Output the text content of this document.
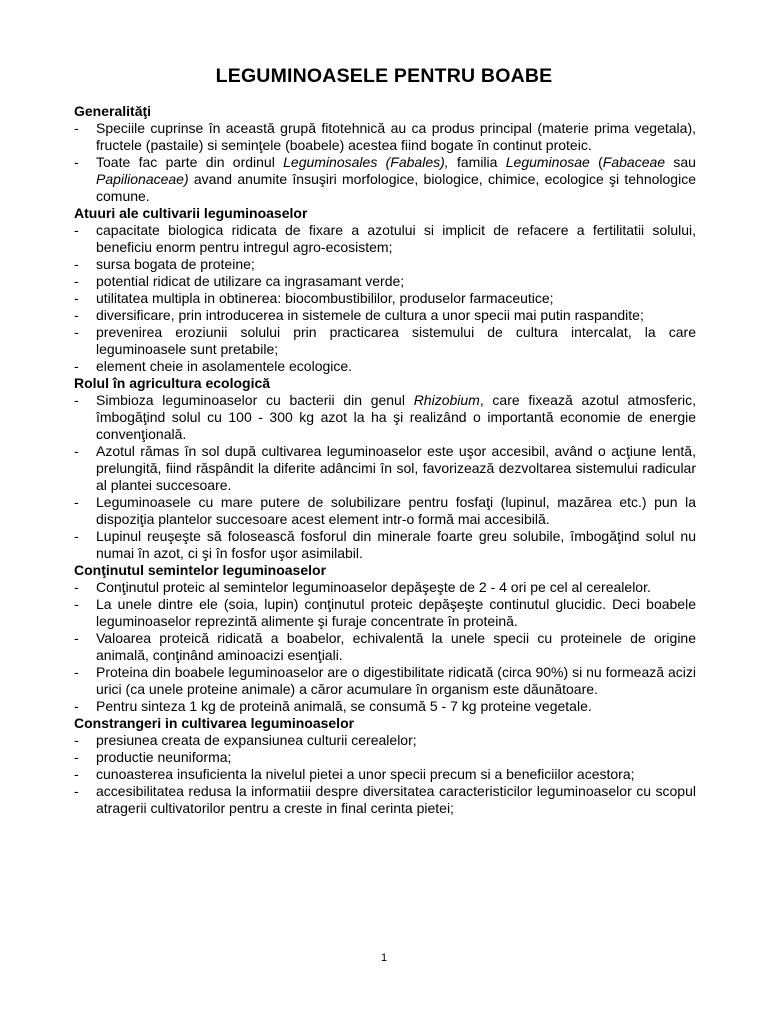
LEGUMINOASELE PENTRU BOABE

Generalităţi

-	Speciile cuprinse în această grupă fitotehnică au ca produs principal (materie prima vegetala), fructele (pastaile) si seminţele (boabele) acestea fiind bogate în continut proteic.

-	Toate fac parte din ordinul Leguminosales (Fabales), familia Leguminosae (Fabaceae sau Papilionaceae) avand anumite însuşiri morfologice, biologice, chimice, ecologice şi tehnologice comune.

Atuuri ale cultivarii leguminoaselor

-	capacitate biologica ridicata de fixare a azotului si implicit de refacere a fertilitatii solului, beneficiu enorm pentru intregul agro-ecosistem;

-	sursa bogata de proteine;

-	potential ridicat de utilizare ca ingrasamant verde;

-	utilitatea multipla in obtinerea: biocombustibililor, produselor farmaceutice;

-	diversificare, prin introducerea in sistemele de cultura a unor specii mai putin raspandite;

-	prevenirea eroziunii solului prin practicarea sistemului de cultura intercalat, la care leguminoasele sunt pretabile;

-	element cheie in asolamentele ecologice.

Rolul în agricultura ecologică

-	Simbioza leguminoaselor cu bacterii din genul Rhizobium, care fixează azotul atmosferic, îmbogăţind solul cu 100 - 300 kg azot la ha şi realizând o importantă economie de energie convenţională.

-	Azotul rămas în sol după cultivarea leguminoaselor este uşor accesibil, având o acţiune lentă, prelungită, fiind răspândit la diferite adâncimi în sol, favorizează dezvoltarea sistemului radicular al plantei succesoare.

-	Leguminoasele cu mare putere de solubilizare pentru fosfaţi (lupinul, mazărea etc.) pun la dispoziţia plantelor succesoare acest element intr-o formă mai accesibilă.

-	Lupinul reuşeşte să folosească fosforul din minerale foarte greu solubile, îmbogăţind solul nu numai în azot, ci şi în fosfor uşor asimilabil.

Conţinutul semintelor leguminoaselor

-	Conţinutul proteic al semintelor leguminoaselor depăşeşte de 2 - 4 ori pe cel al cerealelor.

-	La unele dintre ele (soia, lupin) conţinutul proteic depăşeşte continutul glucidic. Deci boabele leguminoaselor reprezintă alimente şi furaje concentrate în proteină.

-	Valoarea proteică ridicată a boabelor, echivalentă la unele specii cu proteinele de origine animală, conţinând aminoacizi esenţiali.

-	Proteina din boabele leguminoaselor are o digestibilitate ridicată (circa 90%) si nu formează acizi urici (ca unele proteine animale) a căror acumulare în organism este dăunătoare.

-	Pentru sinteza 1 kg de proteină animală, se consumă 5 - 7 kg proteine vegetale.

Constrangeri in cultivarea leguminoaselor

-	presiunea creata de expansiunea culturii cerealelor;

-	productie neuniforma;

-	cunoasterea insuficienta la nivelul pietei a unor specii precum si a beneficiilor acestora;

-	accesibilitatea redusa la informatiii despre diversitatea caracteristicilor leguminoaselor cu scopul atragerii cultivatorilor pentru a creste in final cerinta pietei;

1
